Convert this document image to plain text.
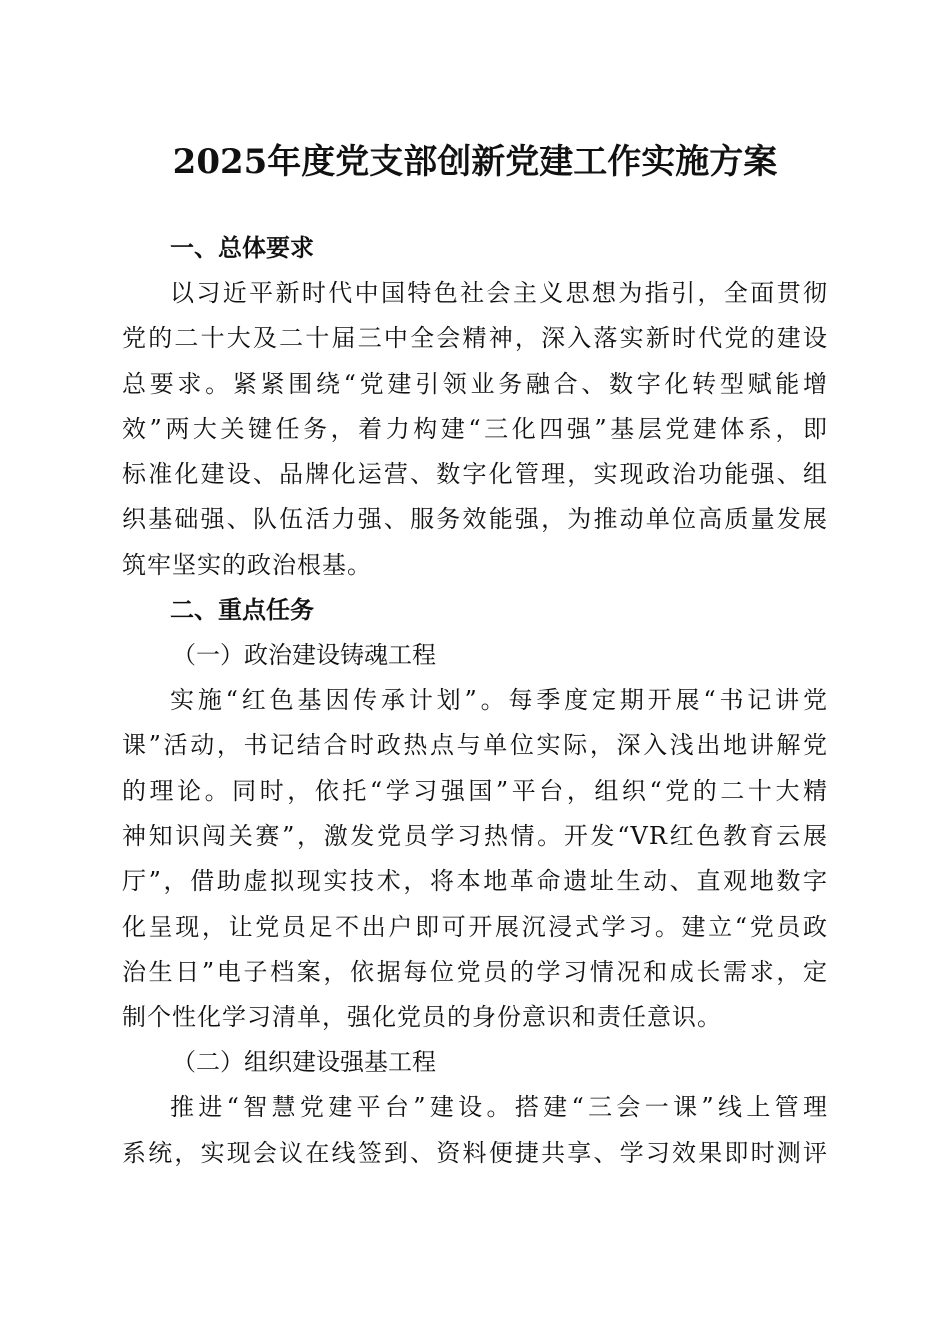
2025年度党支部创新党建工作实施方案
一、总体要求
以习近平新时代中国特色社会主义思想为指引，全面贯彻
党的二十大及二十届三中全会精神，深入落实新时代党的建设
总要求。紧紧围绕“党建引领业务融合、数字化转型赋能增
效”两大关键任务，着力构建“三化四强”基层党建体系，即
标准化建设、品牌化运营、数字化管理，实现政治功能强、组
织基础强、队伍活力强、服务效能强，为推动单位高质量发展
筑牢坚实的政治根基。
二、重点任务
（一）政治建设铸魂工程
实施“红色基因传承计划”。每季度定期开展“书记讲党
课”活动，书记结合时政热点与单位实际，深入浅出地讲解党
的理论。同时，依托“学习强国”平台，组织“党的二十大精
神知识闯关赛”，激发党员学习热情。开发“VR红色教育云展
厅”，借助虚拟现实技术，将本地革命遗址生动、直观地数字
化呈现，让党员足不出户即可开展沉浸式学习。建立“党员政
治生日”电子档案，依据每位党员的学习情况和成长需求，定
制个性化学习清单，强化党员的身份意识和责任意识。
（二）组织建设强基工程
推进“智慧党建平台”建设。搭建“三会一课”线上管理
系统，实现会议在线签到、资料便捷共享、学习效果即时测评
